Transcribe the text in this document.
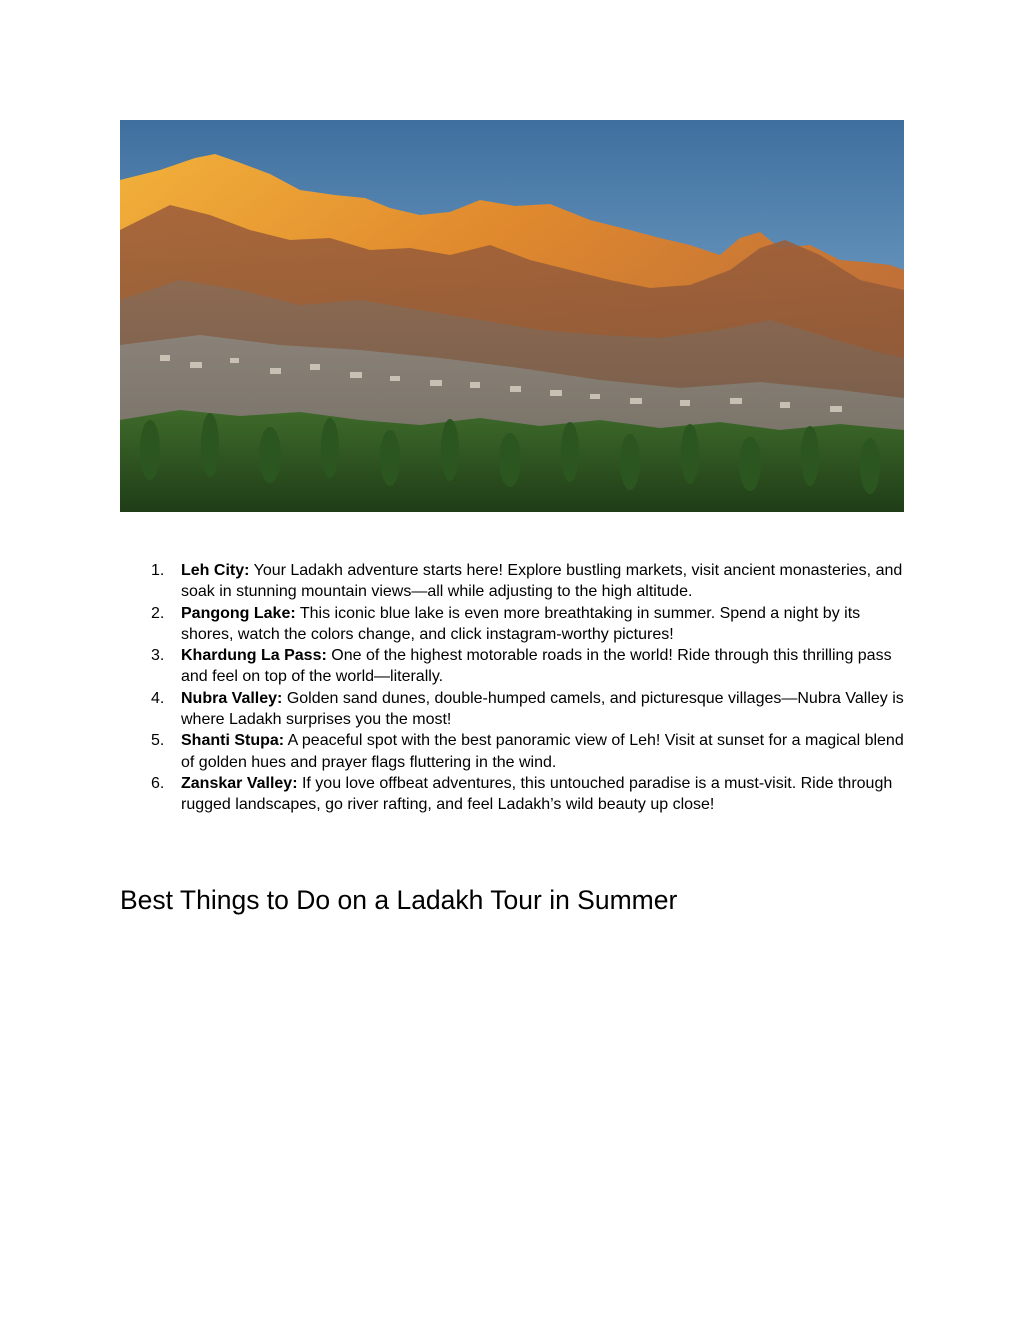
1. Leh City: Your Ladakh adventure starts here! Explore bustling markets, visit ancient monasteries, and soak in stunning mountain views—all while adjusting to the high altitude.
2. Pangong Lake: This iconic blue lake is even more breathtaking in summer. Spend a night by its shores, watch the colors change, and click instagram-worthy pictures!
3. Khardung La Pass: One of the highest motorable roads in the world! Ride through this thrilling pass and feel on top of the world—literally.
4. Nubra Valley: Golden sand dunes, double-humped camels, and picturesque villages—Nubra Valley is where Ladakh surprises you the most!
5. Shanti Stupa: A peaceful spot with the best panoramic view of Leh! Visit at sunset for a magical blend of golden hues and prayer flags fluttering in the wind.
6. Zanskar Valley: If you love offbeat adventures, this untouched paradise is a must-visit. Ride through rugged landscapes, go river rafting, and feel Ladakh’s wild beauty up close!
Best Things to Do on a Ladakh Tour in Summer
